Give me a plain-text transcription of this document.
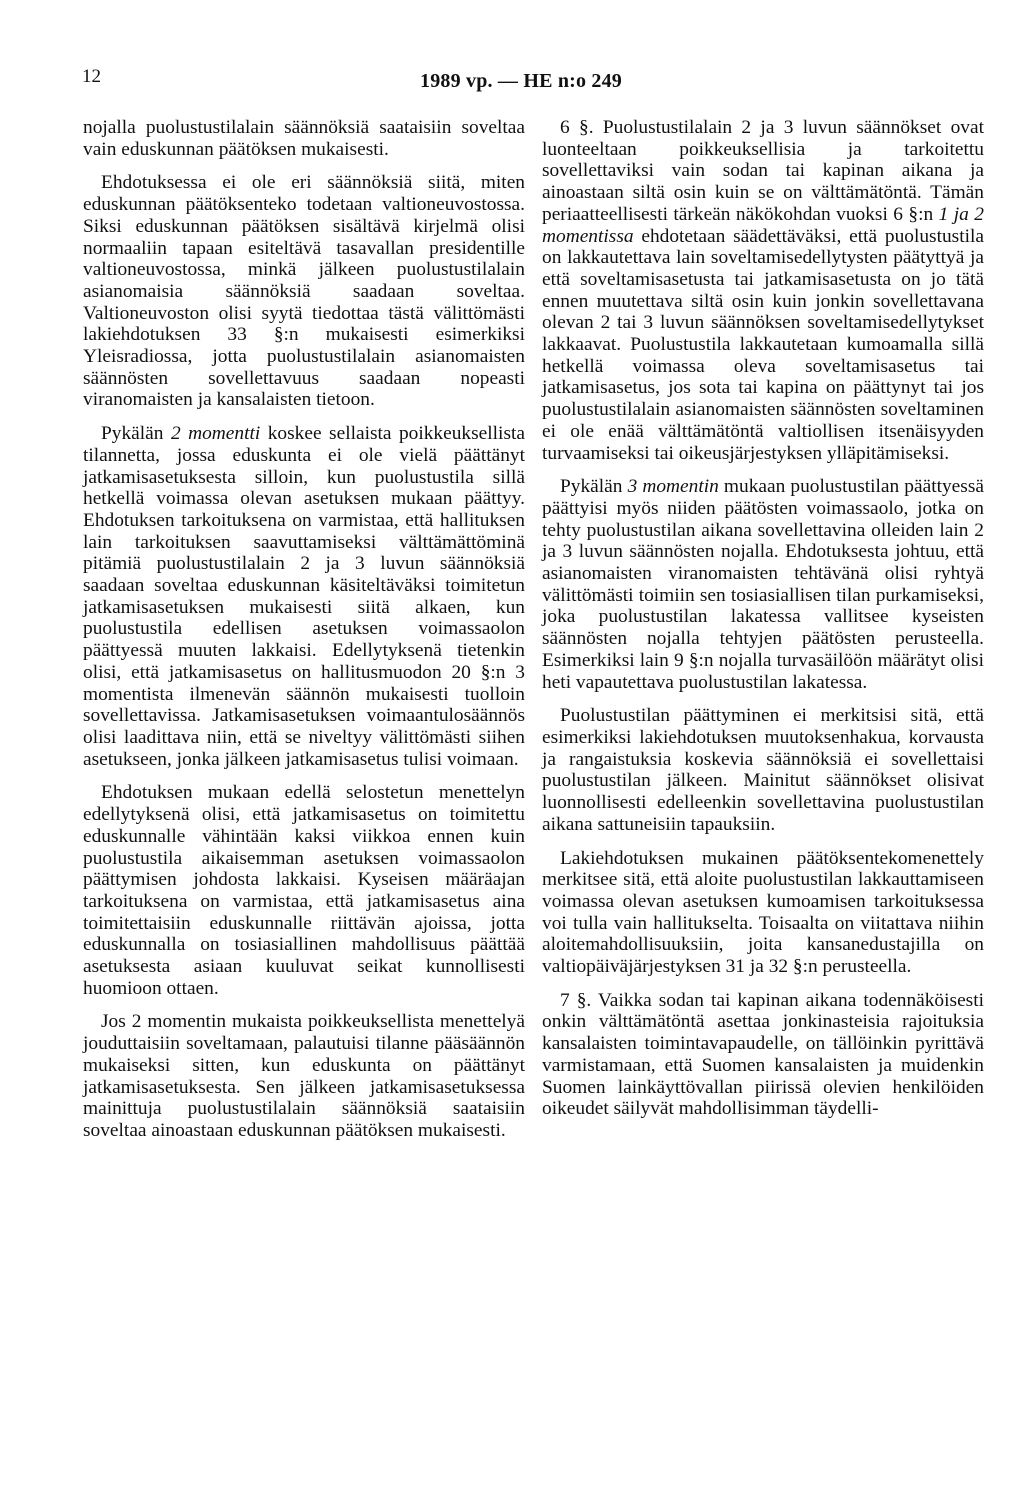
12	1989 vp. — HE n:o 249

nojalla puolustustilalain säännöksiä saataisiin soveltaa vain eduskunnan päätöksen mukaisesti.

Ehdotuksessa ei ole eri säännöksiä siitä, miten eduskunnan päätöksenteko todetaan valtioneuvostossa. Siksi eduskunnan päätöksen sisältävä kirjelmä olisi normaaliin tapaan esiteltävä tasavallan presidentille valtioneuvostossa, minkä jälkeen puolustustilalain asianomaisia säännöksiä saadaan soveltaa. Valtioneuvoston olisi syytä tiedottaa tästä välittömästi lakiehdotuksen 33 §:n mukaisesti esimerkiksi Yleisradiossa, jotta puolustustilalain asianomaisten säännösten sovellettavuus saadaan nopeasti viranomaisten ja kansalaisten tietoon.

Pykälän 2 momentti koskee sellaista poikkeuksellista tilannetta, jossa eduskunta ei ole vielä päättänyt jatkamisasetuksesta silloin, kun puolustustila sillä hetkellä voimassa olevan asetuksen mukaan päättyy. Ehdotuksen tarkoituksena on varmistaa, että hallituksen lain tarkoituksen saavuttamiseksi välttämättöminä pitämiä puolustustilalain 2 ja 3 luvun säännöksiä saadaan soveltaa eduskunnan käsiteltäväksi toimitetun jatkamisasetuksen mukaisesti siitä alkaen, kun puolustustila edellisen asetuksen voimassaolon päättyessä muuten lakkaisi. Edellytyksenä tietenkin olisi, että jatkamisasetus on hallitusmuodon 20 §:n 3 momentista ilmenevän säännön mukaisesti tuolloin sovellettavissa. Jatkamisasetuksen voimaantulosäännös olisi laadittava niin, että se niveltyy välittömästi siihen asetukseen, jonka jälkeen jatkamisasetus tulisi voimaan.

Ehdotuksen mukaan edellä selostetun menettelyn edellytyksenä olisi, että jatkamisasetus on toimitettu eduskunnalle vähintään kaksi viikkoa ennen kuin puolustustila aikaisemman asetuksen voimassaolon päättymisen johdosta lakkaisi. Kyseisen määräajan tarkoituksena on varmistaa, että jatkamisasetus aina toimitettaisiin eduskunnalle riittävän ajoissa, jotta eduskunnalla on tosiasiallinen mahdollisuus päättää asetuksesta asiaan kuuluvat seikat kunnollisesti huomioon ottaen.

Jos 2 momentin mukaista poikkeuksellista menettelyä jouduttaisiin soveltamaan, palautuisi tilanne pääsäännön mukaiseksi sitten, kun eduskunta on päättänyt jatkamisasetuksesta. Sen jälkeen jatkamisasetuksessa mainittuja puolustustilalain säännöksiä saataisiin soveltaa ainoastaan eduskunnan päätöksen mukaisesti.

6 §. Puolustustilalain 2 ja 3 luvun säännökset ovat luonteeltaan poikkeuksellisia ja tarkoitettu sovellettaviksi vain sodan tai kapinan aikana ja ainoastaan siltä osin kuin se on välttämätöntä. Tämän periaatteellisesti tärkeän näkökohdan vuoksi 6 §:n 1 ja 2 momentissa ehdotetaan säädettäväksi, että puolustustila on lakkautettava lain soveltamisedellytysten päätyttyä ja että soveltamisasetusta tai jatkamisasetusta on jo tätä ennen muutettava siltä osin kuin jonkin sovellettavana olevan 2 tai 3 luvun säännöksen soveltamisedellytykset lakkaavat. Puolustustila lakkautetaan kumoamalla sillä hetkellä voimassa oleva soveltamisasetus tai jatkamisasetus, jos sota tai kapina on päättynyt tai jos puolustustilalain asianomaisten säännösten soveltaminen ei ole enää välttämätöntä valtiollisen itsenäisyyden turvaamiseksi tai oikeusjärjestyksen ylläpitämiseksi.

Pykälän 3 momentin mukaan puolustustilan päättyessä päättyisi myös niiden päätösten voimassaolo, jotka on tehty puolustustilan aikana sovellettavina olleiden lain 2 ja 3 luvun säännösten nojalla. Ehdotuksesta johtuu, että asianomaisten viranomaisten tehtävänä olisi ryhtyä välittömästi toimiin sen tosiasiallisen tilan purkamiseksi, joka puolustustilan lakatessa vallitsee kyseisten säännösten nojalla tehtyjen päätösten perusteella. Esimerkiksi lain 9 §:n nojalla turvasäilöön määrätyt olisi heti vapautettava puolustustilan lakatessa.

Puolustustilan päättyminen ei merkitsisi sitä, että esimerkiksi lakiehdotuksen muutoksenhakua, korvausta ja rangaistuksia koskevia säännöksiä ei sovellettaisi puolustustilan jälkeen. Mainitut säännökset olisivat luonnollisesti edelleenkin sovellettavina puolustustilan aikana sattuneisiin tapauksiin.

Lakiehdotuksen mukainen päätöksentekomenettely merkitsee sitä, että aloite puolustustilan lakkauttamiseen voimassa olevan asetuksen kumoamisen tarkoituksessa voi tulla vain hallitukselta. Toisaalta on viitattava niihin aloitemahdollisuuksiin, joita kansanedustajilla on valtiopäiväjärjestyksen 31 ja 32 §:n perusteella.

7 §. Vaikka sodan tai kapinan aikana todennäköisesti onkin välttämätöntä asettaa jonkinasteisia rajoituksia kansalaisten toimintavapaudelle, on tällöinkin pyrittävä varmistamaan, että Suomen kansalaisten ja muidenkin Suomen lainkäyttövallan piirissä olevien henkilöiden oikeudet säilyvät mahdollisimman täydelli-
